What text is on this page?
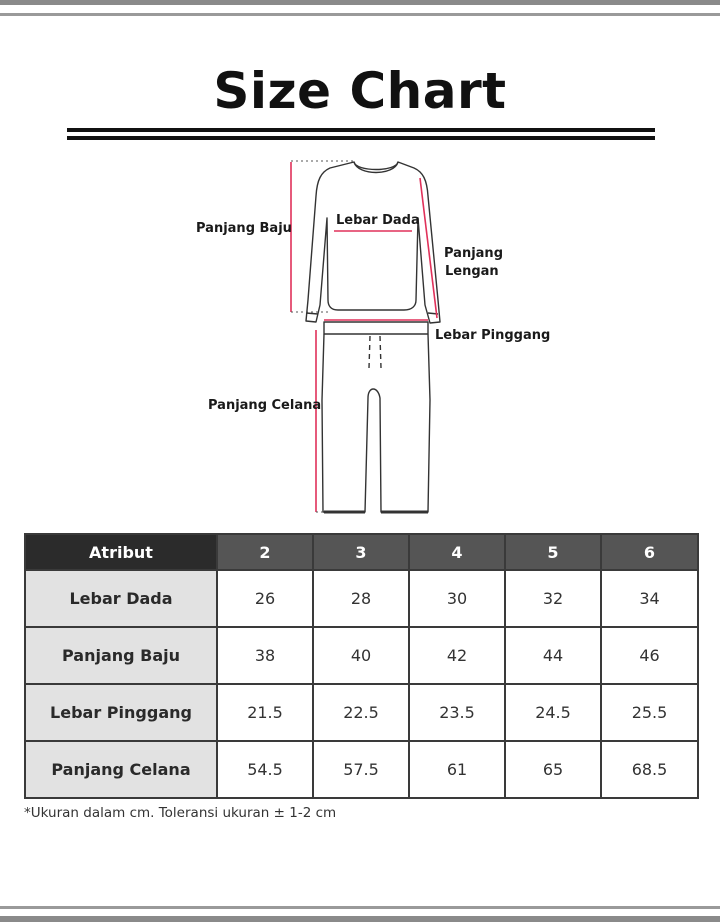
Size Chart
Panjang Baju
Lebar Dada
Panjang
Lengan
Lebar Pinggang
Panjang Celana
Atribut	2	3	4	5	6
Lebar Dada	26	28	30	32	34
Panjang Baju	38	40	42	44	46
Lebar Pinggang	21.5	22.5	23.5	24.5	25.5
Panjang Celana	54.5	57.5	61	65	68.5
*Ukuran dalam cm. Toleransi ukuran ± 1-2 cm
